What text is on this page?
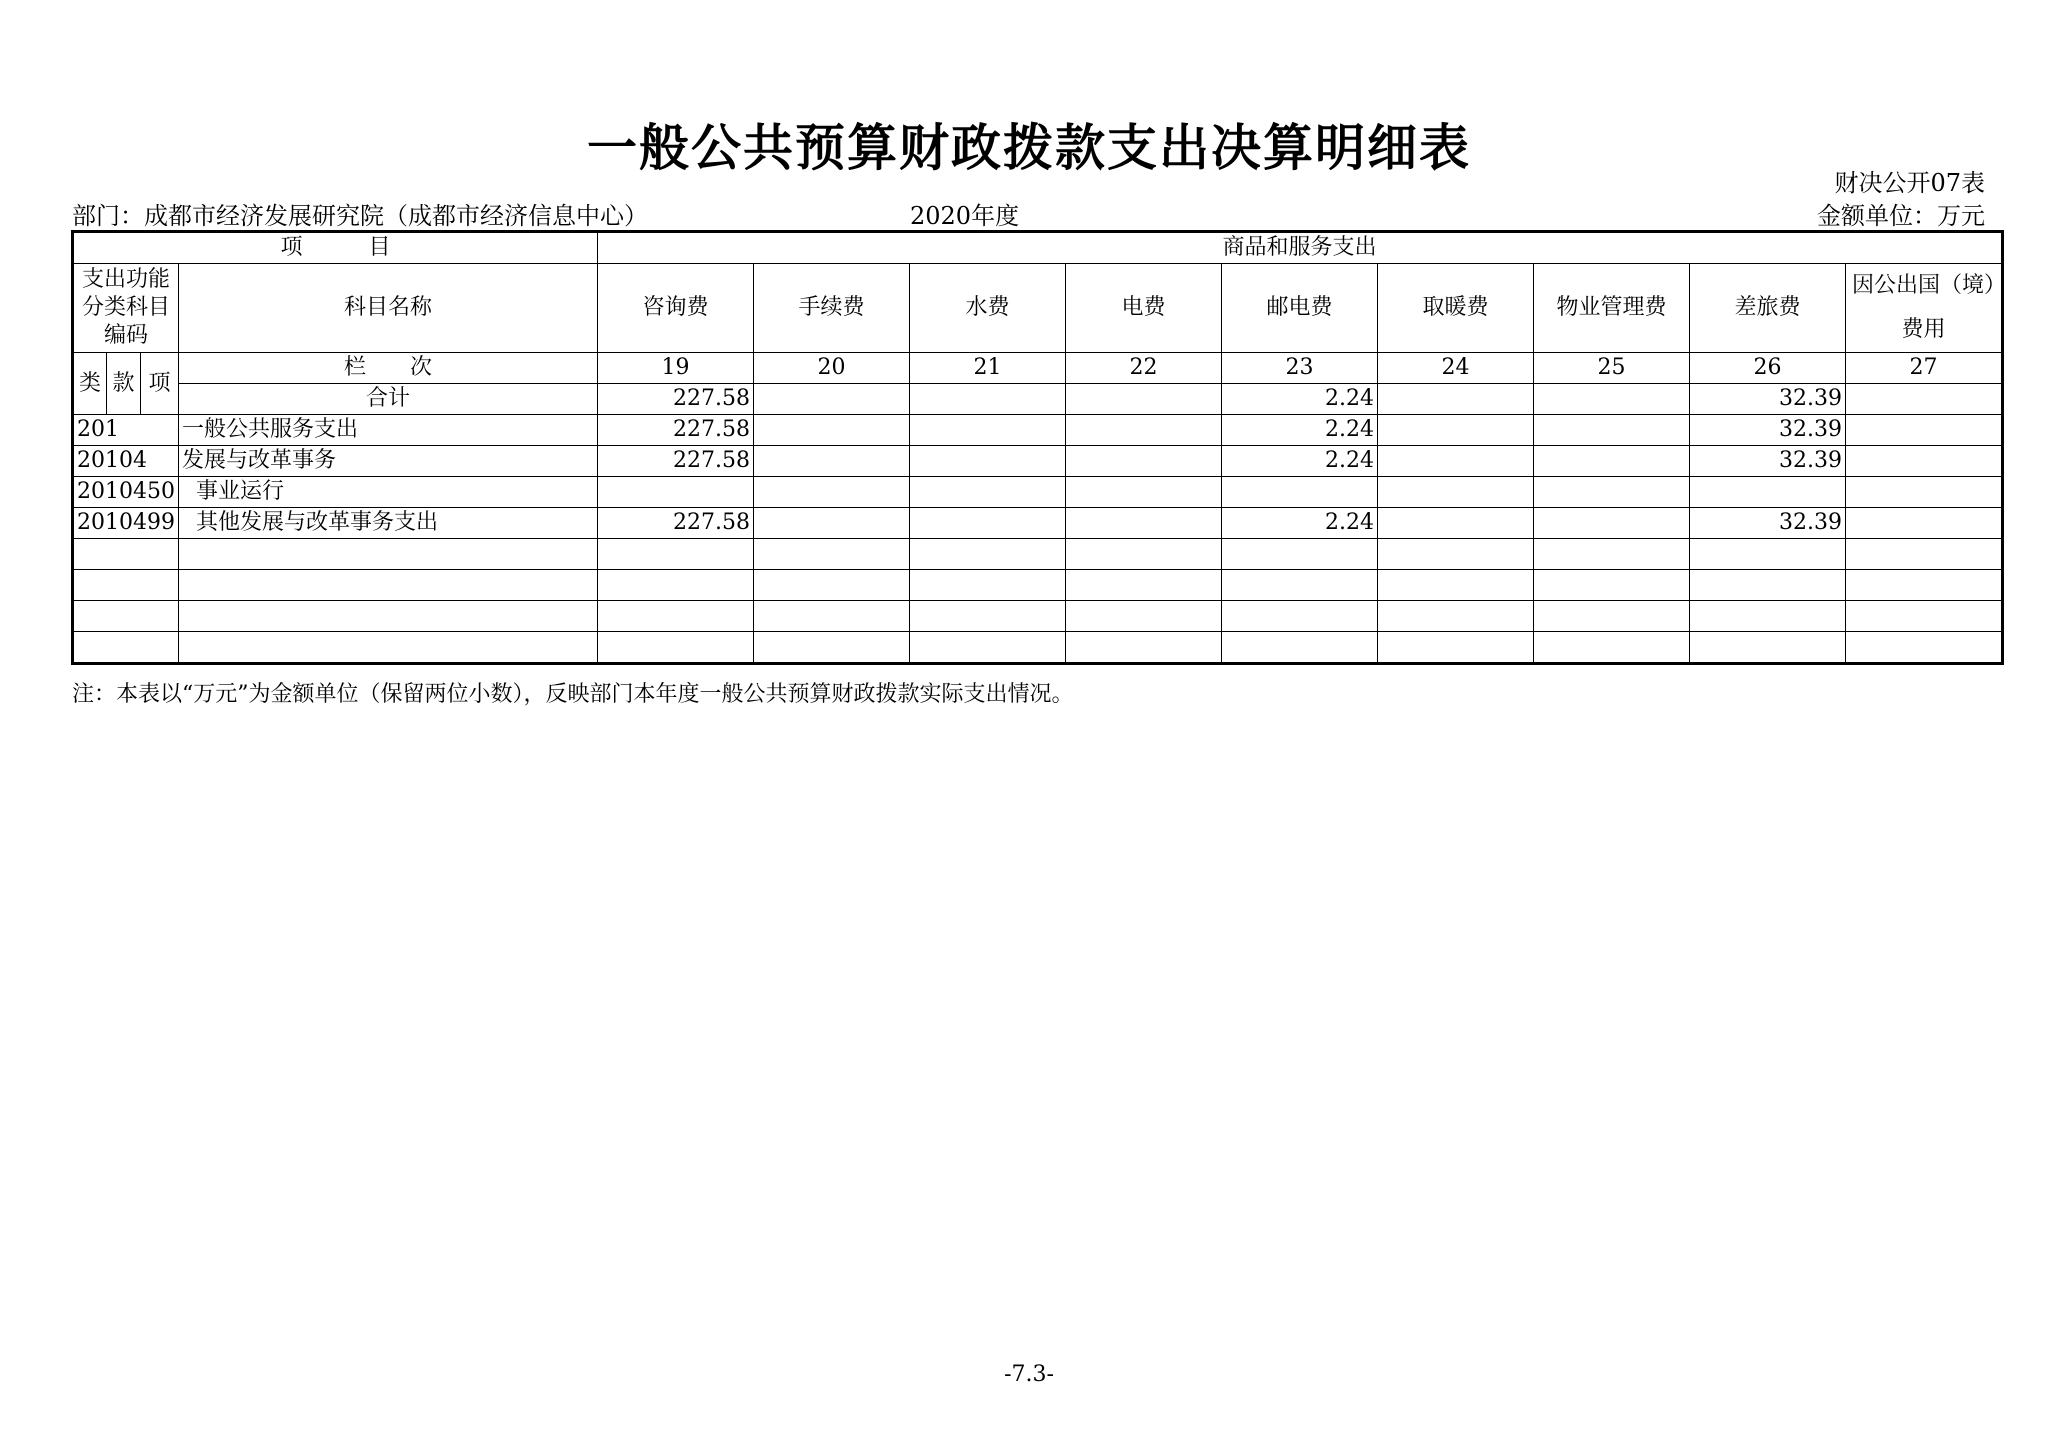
一般公共预算财政拨款支出决算明细表
财决公开07表
部门：成都市经济发展研究院（成都市经济信息中心）	2020年度	金额单位：万元
项　　　目				商品和服务支出								
支出功能分类科目编码			科目名称	咨询费	手续费	水费	电费	邮电费	取暖费	物业管理费	差旅费	因公出国（境）费用
类	款	项	栏　　次	19	20	21	22	23	24	25	26	27
			合计	227.58				2.24			32.39	
201			一般公共服务支出	227.58				2.24			32.39	
20104			发展与改革事务	227.58				2.24			32.39	
2010450			事业运行									
2010499			其他发展与改革事务支出	227.58				2.24			32.39	

注：本表以“万元”为金额单位（保留两位小数），反映部门本年度一般公共预算财政拨款实际支出情况。
-7.3-
